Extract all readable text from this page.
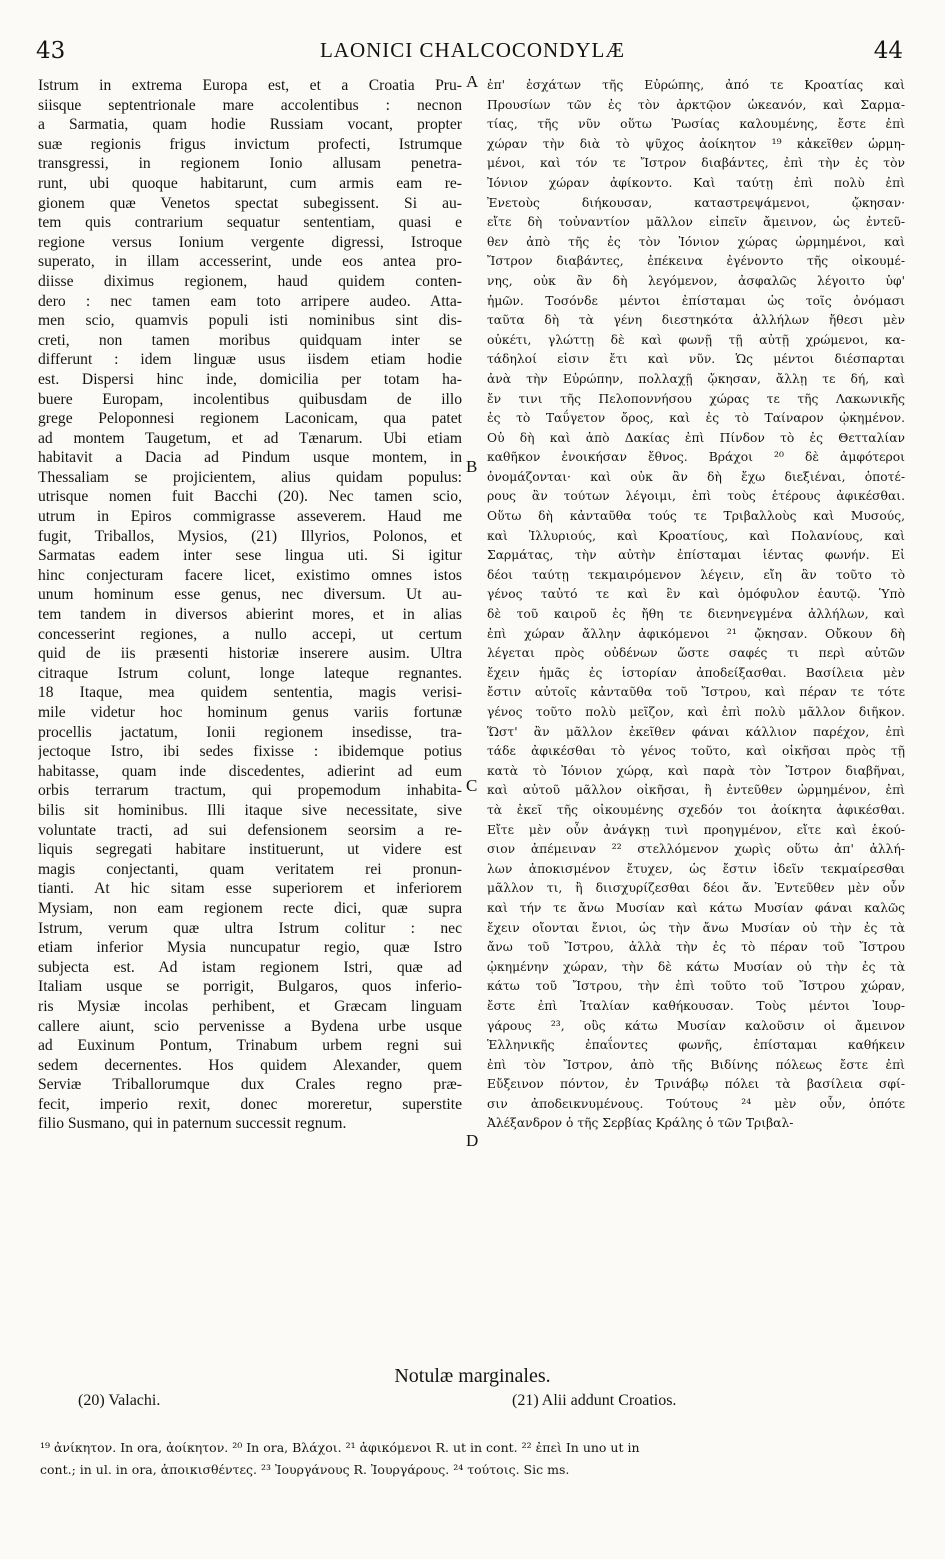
43	LAONICI CHALCOCONDYLÆ	44
Istrum in extrema Europa est, et a Croatia Pru-
siisque septentrionale mare accolentibus : necnon
a Sarmatia, quam hodie Russiam vocant, propter
suæ regionis frigus invictum profecti, Istrumque
transgressi, in regionem Ionio allusam penetra-
runt, ubi quoque habitarunt, cum armis eam re-
gionem quæ Venetos spectat subegissent. Si au-
tem quis contrarium sequatur sententiam, quasi e
regione versus Ionium vergente digressi, Istroque
superato, in illam accesserint, unde eos antea pro-
diisse diximus regionem, haud quidem conten-
dero : nec tamen eam toto arripere audeo. Atta-
men scio, quamvis populi isti nominibus sint dis-
creti, non tamen moribus quidquam inter se
differunt : idem linguæ usus iisdem etiam hodie
est. Dispersi hinc inde, domicilia per totam ha-
buere Europam, incolentibus quibusdam de illo
grege Peloponnesi regionem Laconicam, qua patet
ad montem Taugetum, et ad Tænarum. Ubi etiam
habitavit a Dacia ad Pindum usque montem, in
Thessaliam se projicientem, alius quidam populus:
utrisque nomen fuit Bacchi (20). Nec tamen scio,
utrum in Epiros commigrasse asseverem. Haud me
fugit, Triballos, Mysios, (21) Illyrios, Polonos, et
Sarmatas eadem inter sese lingua uti. Si igitur
hinc conjecturam facere licet, existimo omnes istos
unum hominum esse genus, nec diversum. Ut au-
tem tandem in diversos abierint mores, et in alias
concesserint regiones, a nullo accepi, ut certum
quid de iis præsenti historiæ inserere ausim. Ultra
citraque Istrum colunt, longe lateque regnantes.
18 Itaque, mea quidem sententia, magis verisi-
mile videtur hoc hominum genus variis fortunæ
procellis jactatum, Ionii regionem insedisse, tra-
jectoque Istro, ibi sedes fixisse : ibidemque potius
habitasse, quam inde discedentes, adierint ad eum
orbis terrarum tractum, qui propemodum inhabita-
bilis sit hominibus. Illi itaque sive necessitate, sive
voluntate tracti, ad sui defensionem seorsim a re-
liquis segregati habitare instituerunt, ut videre est
magis conjectanti, quam veritatem rei pronun-
tianti. At hic sitam esse superiorem et inferiorem
Mysiam, non eam regionem recte dici, quæ supra
Istrum, verum quæ ultra Istrum colitur : nec
etiam inferior Mysia nuncupatur regio, quæ Istro
subjecta est. Ad istam regionem Istri, quæ ad
Italiam usque se porrigit, Bulgaros, quos inferio-
ris Mysiæ incolas perhibent, et Græcam linguam
callere aiunt, scio pervenisse a Bydena urbe usque
ad Euxinum Pontum, Trinabum urbem regni sui
sedem decernentes. Hos quidem Alexander, quem
Serviæ Triballorumque dux Crales regno præ-
fecit, imperio rexit, donec moreretur, superstite
filio Susmano, qui in paternum successit regnum.
ἐπ' ἐσχάτων τῆς Εὐρώπης, ἀπό τε Κροατίας καὶ
Προυσίων τῶν ἐς τὸν ἀρκτῷον ὠκεανόν, καὶ Σαρμα-
τίας, τῆς νῦν οὕτω Ῥωσίας καλουμένης, ἔστε ἐπὶ
χώραν τὴν διὰ τὸ ψῦχος ἀοίκητον ¹⁹ κἀκεῖθεν ὡρμη-
μένοι, καὶ τόν τε Ἴστρον διαβάντες, ἐπὶ τὴν ἐς τὸν
Ἰόνιον χώραν ἀφίκοντο. Καὶ ταύτῃ ἐπὶ πολὺ ἐπὶ
Ἐνετοὺς διήκουσαν, καταστρεψάμενοι, ᾤκησαν·
εἴτε δὴ τοὐναντίον μᾶλλον εἰπεῖν ἄμεινον, ὡς ἐντεῦ-
θεν ἀπὸ τῆς ἐς τὸν Ἰόνιον χώρας ὡρμημένοι, καὶ
Ἴστρον διαβάντες, ἐπέκεινα ἐγένοντο τῆς οἰκουμέ-
νης, οὐκ ἂν δὴ λεγόμενον, ἀσφαλῶς λέγοιτο ὑφ'
ἡμῶν. Τοσόνδε μέντοι ἐπίσταμαι ὡς τοῖς ὀνόμασι
ταῦτα δὴ τὰ γένη διεστηκότα ἀλλήλων ἤθεσι μὲν
οὐκέτι, γλώττῃ δὲ καὶ φωνῇ τῇ αὐτῇ χρώμενοι, κα-
τάδηλοί εἰσιν ἔτι καὶ νῦν. Ὡς μέντοι διέσπαρται
ἀνὰ τὴν Εὐρώπην, πολλαχῇ ᾤκησαν, ἄλλῃ τε δή, καὶ
ἔν τινι τῆς Πελοποννήσου χώρας τε τῆς Λακωνικῆς
ἐς τὸ Ταΰγετον ὄρος, καὶ ἐς τὸ Ταίναρον ᾠκημένον.
Οὐ δὴ καὶ ἀπὸ Δακίας ἐπὶ Πίνδον τὸ ἐς Θετταλίαν
καθῆκον ἐνοικήσαν ἔθνος. Βράχοι ²⁰ δὲ ἀμφότεροι
ὀνομάζονται· καὶ οὐκ ἂν δὴ ἔχω διεξιέναι, ὁποτέ-
ρους ἂν τούτων λέγοιμι, ἐπὶ τοὺς ἑτέρους ἀφικέσθαι.
Οὕτω δὴ κἀνταῦθα τούς τε Τριβαλλοὺς καὶ Μυσούς,
καὶ Ἰλλυριούς, καὶ Κροατίους, καὶ Πολανίους, καὶ
Σαρμάτας, τὴν αὐτὴν ἐπίσταμαι ἱέντας φωνήν. Εἰ
δέοι ταύτῃ τεκμαιρόμενον λέγειν, εἴη ἂν τοῦτο τὸ
γένος ταὐτό τε καὶ ἓν καὶ ὁμόφυλον ἑαυτῷ. Ὑπὸ
δὲ τοῦ καιροῦ ἐς ἤθη τε διενηνεγμένα ἀλλήλων, καὶ
ἐπὶ χώραν ἄλλην ἀφικόμενοι ²¹ ᾤκησαν. Οὔκουν δὴ
λέγεται πρὸς οὐδένων ὥστε σαφές τι περὶ αὐτῶν
ἔχειν ἡμᾶς ἐς ἱστορίαν ἀποδείξασθαι. Βασίλεια μὲν
ἔστιν αὐτοῖς κἀνταῦθα τοῦ Ἴστρου, καὶ πέραν τε τότε
γένος τοῦτο πολὺ μεῖζον, καὶ ἐπὶ πολὺ μᾶλλον διῆκον.
Ὥστ' ἂν μᾶλλον ἐκεῖθεν φάναι κάλλιον παρέχον, ἐπὶ
τάδε ἀφικέσθαι τὸ γένος τοῦτο, καὶ οἰκῆσαι πρὸς τῇ
κατὰ τὸ Ἰόνιον χώρᾳ, καὶ παρὰ τὸν Ἴστρον διαβῆναι,
καὶ αὐτοῦ μᾶλλον οἰκῆσαι, ἢ ἐντεῦθεν ὡρμημένον, ἐπὶ
τὰ ἐκεῖ τῆς οἰκουμένης σχεδόν τοι ἀοίκητα ἀφικέσθαι.
Εἴτε μὲν οὖν ἀνάγκῃ τινὶ προηγμένον, εἴτε καὶ ἑκού-
σιον ἀπέμειναν ²² στελλόμενον χωρὶς οὕτω ἀπ' ἀλλή-
λων ἀποκισμένον ἔτυχεν, ὡς ἔστιν ἰδεῖν τεκμαίρεσθαι
μᾶλλον τι, ἢ διισχυρίζεσθαι δέοι ἄν. Ἐντεῦθεν μὲν οὖν
καὶ τήν τε ἄνω Μυσίαν καὶ κάτω Μυσίαν φάναι καλῶς
ἔχειν οἴονται ἔνιοι, ὡς τὴν ἄνω Μυσίαν οὐ τὴν ἐς τὰ
ἄνω τοῦ Ἴστρου, ἀλλὰ τὴν ἐς τὸ πέραν τοῦ Ἴστρου
ᾠκημένην χώραν, τὴν δὲ κάτω Μυσίαν οὐ τὴν ἐς τὰ
κάτω τοῦ Ἴστρου, τὴν ἐπὶ τοῦτο τοῦ Ἴστρου χώραν,
ἔστε ἐπὶ Ἰταλίαν καθήκουσαν. Τοὺς μέντοι Ἰουρ-
γάρους ²³, οὓς κάτω Μυσίαν καλοῦσιν οἱ ἄμεινον
Ἑλληνικῆς ἐπαΐοντες φωνῆς, ἐπίσταμαι καθήκειν
ἐπὶ τὸν Ἴστρον, ἀπὸ τῆς Βιδίνης πόλεως ἔστε ἐπὶ
Εὔξεινον πόντον, ἐν Τρινάβῳ πόλει τὰ βασίλεια σφί-
σιν ἀποδεικνυμένους. Τούτους ²⁴ μὲν οὖν, ὁπότε
Ἀλέξανδρον ὁ τῆς Σερβίας Κράλης ὁ τῶν Τριβαλ-
A
B
C
D
Notulæ marginales.
(20) Valachi.	(21) Alii addunt Croatios.
¹⁹ ἀνίκητον. In ora, ἀοίκητον. ²⁰ In ora, Βλάχοι. ²¹ ἀφικόμενοι R. ut in cont. ²² ἐπεὶ In uno ut in
cont.; in ul. in ora, ἀποικισθέντες. ²³ Ἰουργάνους R. Ἰουργάρους. ²⁴ τούτοις. Sic ms.
